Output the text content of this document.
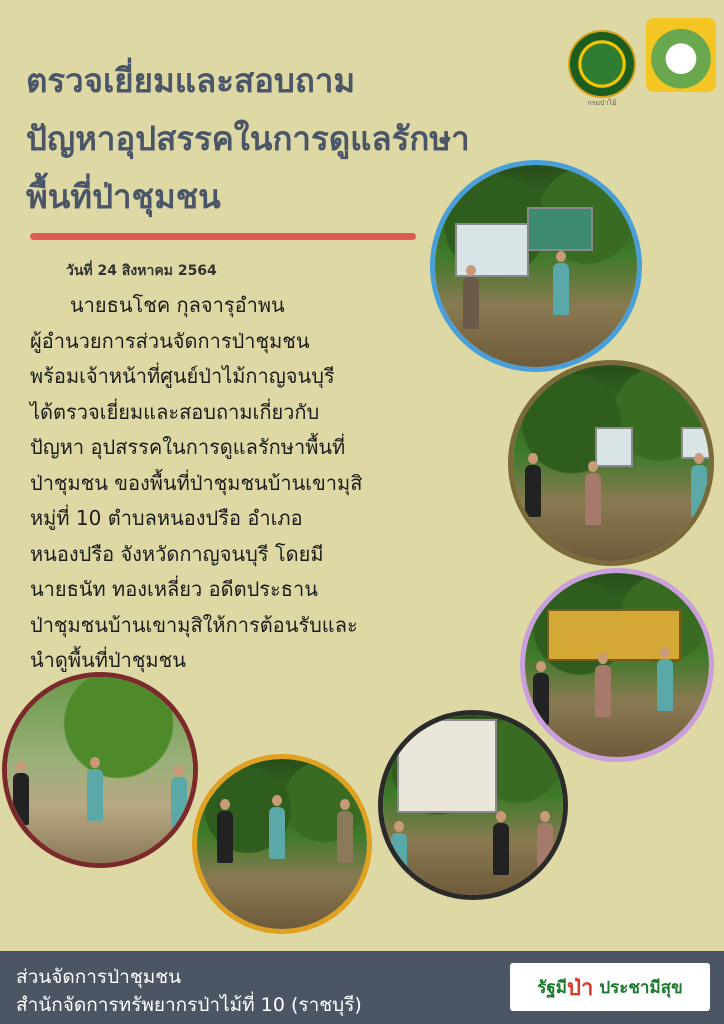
ตรวจเยี่ยมและสอบถาม
ปัญหาอุปสรรคในการดูแลรักษา
พื้นที่ป่าชุมชน
กรมป่าไม้
วันที่ 24 สิงหาคม 2564
นายธนโชค กุลจารุอำพน
ผู้อำนวยการส่วนจัดการป่าชุมชน
พร้อมเจ้าหน้าที่ศูนย์ป่าไม้กาญจนบุรี
ได้ตรวจเยี่ยมและสอบถามเกี่ยวกับ
ปัญหา อุปสรรคในการดูแลรักษาพื้นที่
ป่าชุมชน ของพื้นที่ป่าชุมชนบ้านเขามุสิ
หมู่ที่ 10 ตำบลหนองปรือ อำเภอ
หนองปรือ จังหวัดกาญจนบุรี โดยมี
นายธนัท ทองเหลี่ยว อดีตประธาน
ป่าชุมชนบ้านเขามุสิให้การต้อนรับและ
นำดูพื้นที่ป่าชุมชน
ส่วนจัดการป่าชุมชน
สำนักจัดการทรัพยากรป่าไม้ที่ 10 (ราชบุรี)
รัฐมี ป่า ประชามีสุข
